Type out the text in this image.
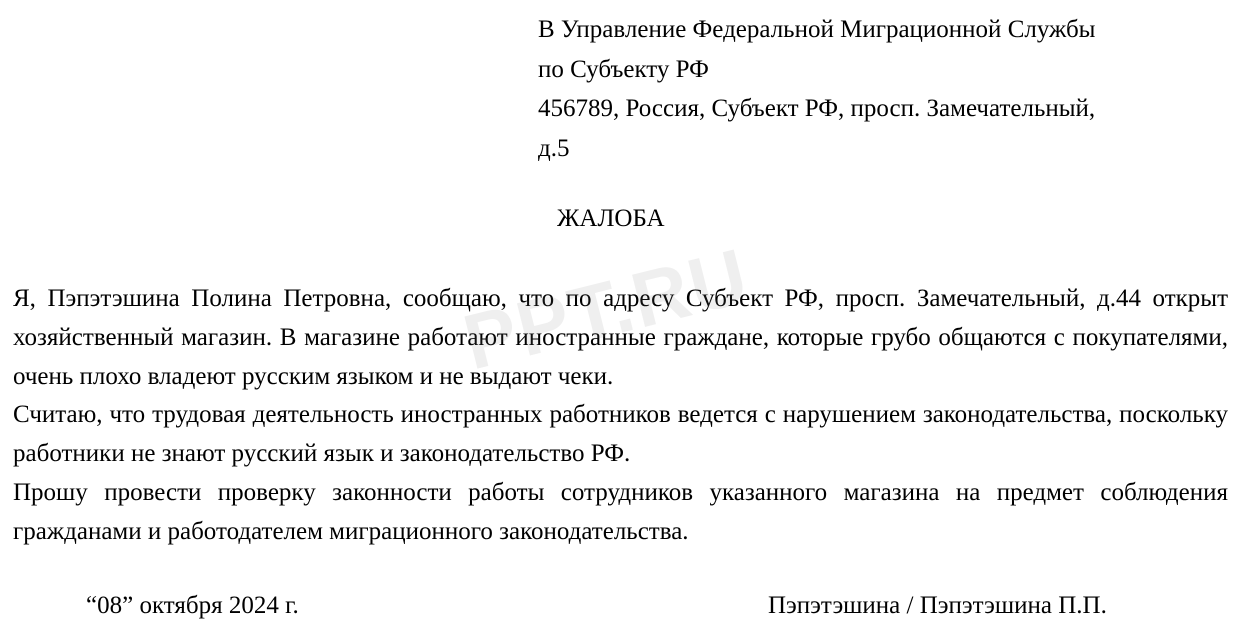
В Управление Федеральной Миграционной Службы
по Субъекту РФ
456789, Россия, Субъект РФ, просп. Замечательный,
д.5
ЖАЛОБА

Я, Пэпэтэшина Полина Петровна, сообщаю, что по адресу Субъект РФ, просп. Замечательный, д.44 открыт хозяйственный магазин. В магазине работают иностранные граждане, которые грубо общаются с покупателями, очень плохо владеют русским языком и не выдают чеки.

Считаю, что трудовая деятельность иностранных работников ведется с нарушением законодательства, поскольку работники не знают русский язык и законодательство РФ.

Прошу провести проверку законности работы сотрудников указанного магазина на предмет соблюдения гражданами и работодателем миграционного законодательства.

“08” октября 2024 г.	Пэпэтэшина / Пэпэтэшина П.П.
PPT.RU
